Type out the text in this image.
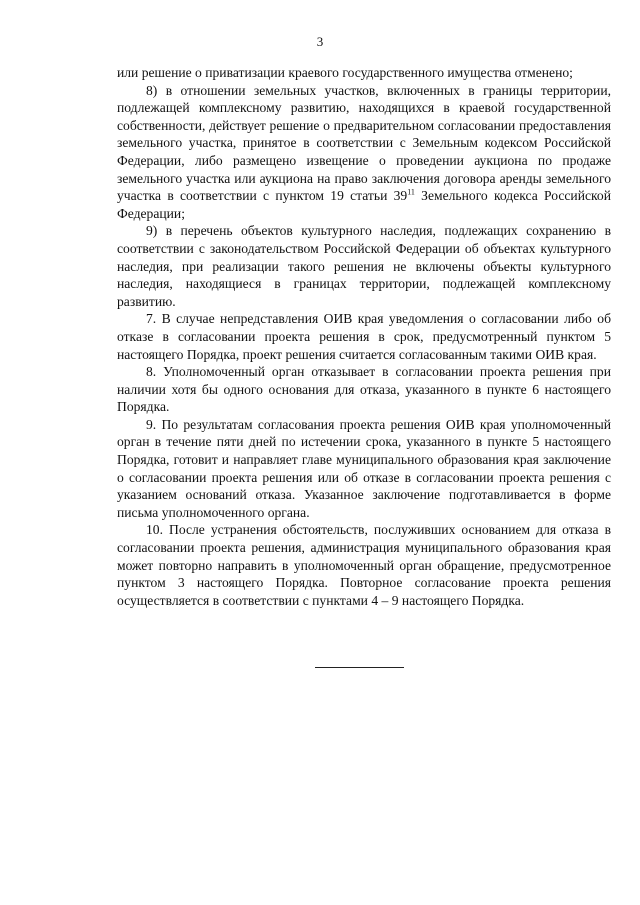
3

или решение о приватизации краевого государственного имущества отменено;

8) в отношении земельных участков, включенных в границы территории, подлежащей комплексному развитию, находящихся в краевой государственной собственности, действует решение о предварительном согласовании предоставления земельного участка, принятое в соответствии с Земельным кодексом Российской Федерации, либо размещено извещение о проведении аукциона по продаже земельного участка или аукциона на право заключения договора аренды земельного участка в соответствии с пунктом 19 статьи $39^{11}$ Земельного кодекса Российской Федерации;

9) в перечень объектов культурного наследия, подлежащих сохранению в соответствии с законодательством Российской Федерации об объектах культурного наследия, при реализации такого решения не включены объекты культурного наследия, находящиеся в границах территории, подлежащей комплексному развитию.

7. В случае непредставления ОИВ края уведомления о согласовании либо об отказе в согласовании проекта решения в срок, предусмотренный пунктом 5 настоящего Порядка, проект решения считается согласованным такими ОИВ края.

8. Уполномоченный орган отказывает в согласовании проекта решения при наличии хотя бы одного основания для отказа, указанного в пункте 6 настоящего Порядка.

9. По результатам согласования проекта решения ОИВ края уполномоченный орган в течение пяти дней по истечении срока, указанного в пункте 5 настоящего Порядка, готовит и направляет главе муниципального образования края заключение о согласовании проекта решения или об отказе в согласовании проекта решения с указанием оснований отказа. Указанное заключение подготавливается в форме письма уполномоченного органа.

10. После устранения обстоятельств, послуживших основанием для отказа в согласовании проекта решения, администрация муниципального образования края может повторно направить в уполномоченный орган обращение, предусмотренное пунктом 3 настоящего Порядка. Повторное согласование проекта решения осуществляется в соответствии с пунктами 4 – 9 настоящего Порядка.
